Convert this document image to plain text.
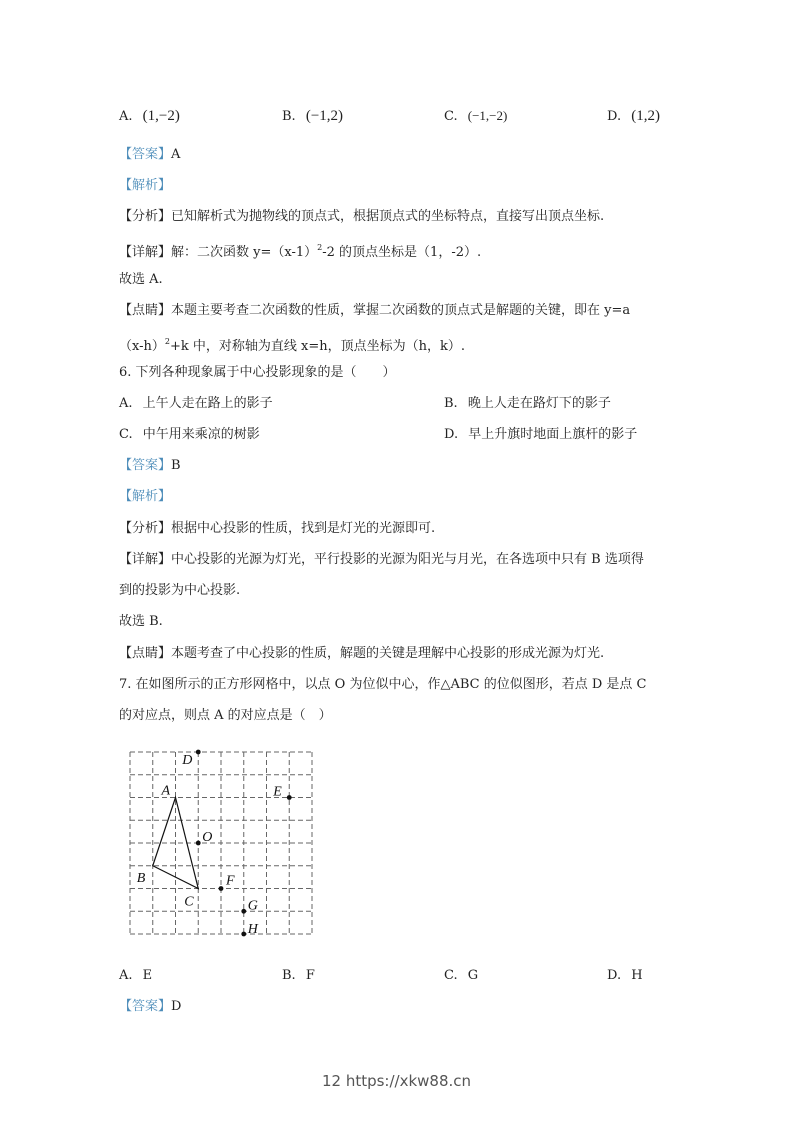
A. (1,−2)	B. (−1,2)	C. (−1,−2)	D. (1,2)
【答案】A
【解析】
【分析】已知解析式为抛物线的顶点式，根据顶点式的坐标特点，直接写出顶点坐标.
【详解】解：二次函数 $y=(x-1)^2-2$ 的顶点坐标是（1，-2）.
故选 A.
【点睛】本题主要考查二次函数的性质，掌握二次函数的顶点式是解题的关键，即在 y=a
$(x-h)^2+k$ 中，对称轴为直线 x=h，顶点坐标为（h，k）.
6. 下列各种现象属于中心投影现象的是（　　）
A. 上午人走在路上的影子	B. 晚上人走在路灯下的影子
C. 中午用来乘凉的树影	D. 早上升旗时地面上旗杆的影子
【答案】B
【解析】
【分析】根据中心投影的性质，找到是灯光的光源即可.
【详解】中心投影的光源为灯光，平行投影的光源为阳光与月光，在各选项中只有 B 选项得
到的投影为中心投影.
故选 B.
【点睛】本题考查了中心投影的性质，解题的关键是理解中心投影的形成光源为灯光.
7. 在如图所示的正方形网格中，以点 O 为位似中心，作△ABC 的位似图形，若点 D 是点 C
的对应点，则点 A 的对应点是（　）
A
B
C
O
D
E
F
G
H
A. E	B. F	C. G	D. H
【答案】D
12 https://xkw88.cn
